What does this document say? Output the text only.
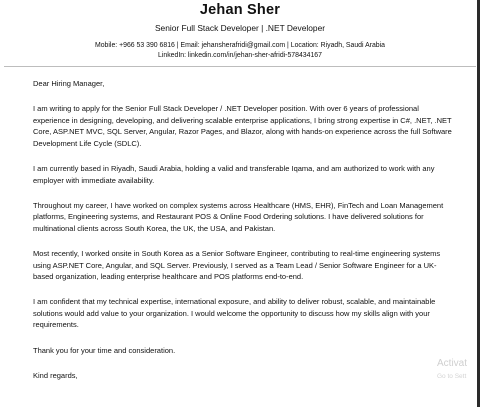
Jehan Sher
Senior Full Stack Developer | .NET Developer
Mobile: +966 53 390 6816 | Email: jehansherafridi@gmail.com | Location: Riyadh, Saudi Arabia
LinkedIn: linkedin.com/in/jehan-sher-afridi-578434167

Dear Hiring Manager,

I am writing to apply for the Senior Full Stack Developer / .NET Developer position. With over 6 years of professional experience in designing, developing, and delivering scalable enterprise applications, I bring strong expertise in C#, .NET, .NET Core, ASP.NET MVC, SQL Server, Angular, Razor Pages, and Blazor, along with hands-on experience across the full Software Development Life Cycle (SDLC).

I am currently based in Riyadh, Saudi Arabia, holding a valid and transferable Iqama, and am authorized to work with any employer with immediate availability.

Throughout my career, I have worked on complex systems across Healthcare (HMS, EHR), FinTech and Loan Management platforms, Engineering systems, and Restaurant POS & Online Food Ordering solutions. I have delivered solutions for multinational clients across South Korea, the UK, the USA, and Pakistan.

Most recently, I worked onsite in South Korea as a Senior Software Engineer, contributing to real-time engineering systems using ASP.NET Core, Angular, and SQL Server. Previously, I served as a Team Lead / Senior Software Engineer for a UK-based organization, leading enterprise healthcare and POS platforms end-to-end.

I am confident that my technical expertise, international exposure, and ability to deliver robust, scalable, and maintainable solutions would add value to your organization. I would welcome the opportunity to discuss how my skills align with your requirements.

Thank you for your time and consideration.

Kind regards,

Activat
Go to Sett
